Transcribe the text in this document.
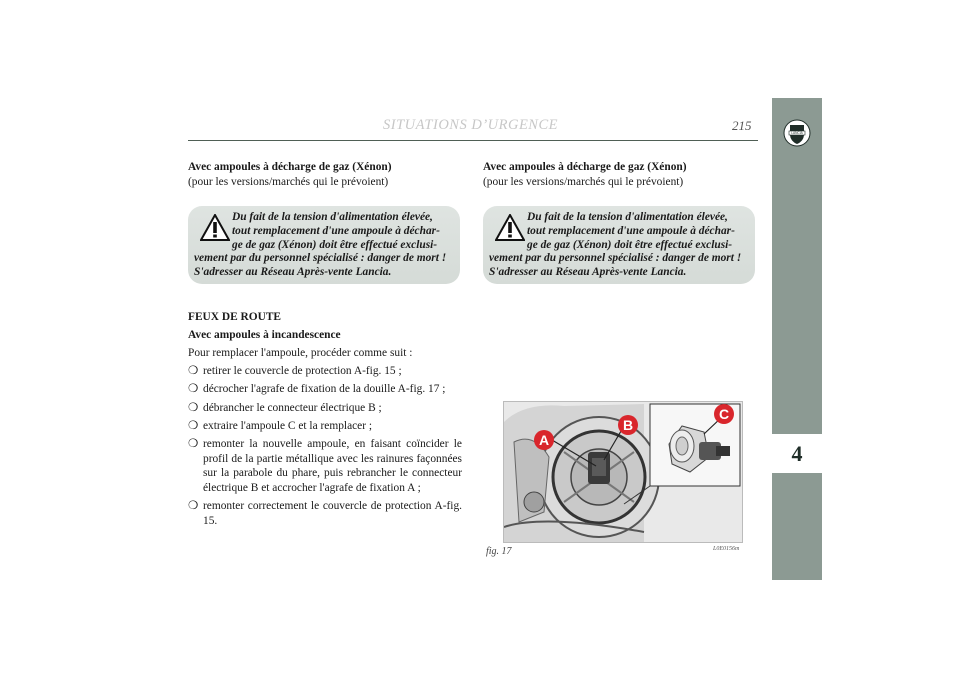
SITUATIONS D’URGENCE	215
LANCIA
4
Avec ampoules à décharge de gaz (Xénon)
(pour les versions/marchés qui le prévoient)
Du fait de la tension d'alimentation élevée,
tout remplacement d'une ampoule à déchar-
ge de gaz (Xénon) doit être effectué exclusi-
vement par du personnel spécialisé : danger de mort !
S'adresser au Réseau Après-vente Lancia.
FEUX DE ROUTE
Avec ampoules à incandescence
Pour remplacer l'ampoule, procéder comme suit :
❍ retirer le couvercle de protection A-fig. 15 ;
❍ décrocher l'agrafe de fixation de la douille A-fig. 17 ;
❍ débrancher le connecteur électrique B ;
❍ extraire l'ampoule C et la remplacer ;
❍ remonter la nouvelle ampoule, en faisant coïncider le profil de la partie métallique avec les rainures façonnées sur la parabole du phare, puis rebrancher le connecteur électrique B et accrocher l'agrafe de fixation A ;
❍ remonter correctement le couvercle de protection A-fig. 15.
Avec ampoules à décharge de gaz (Xénon)
(pour les versions/marchés qui le prévoient)
Du fait de la tension d'alimentation élevée,
tout remplacement d'une ampoule à déchar-
ge de gaz (Xénon) doit être effectué exclusi-
vement par du personnel spécialisé : danger de mort !
S'adresser au Réseau Après-vente Lancia.
A
B
C
fig. 17	L0E0156m
